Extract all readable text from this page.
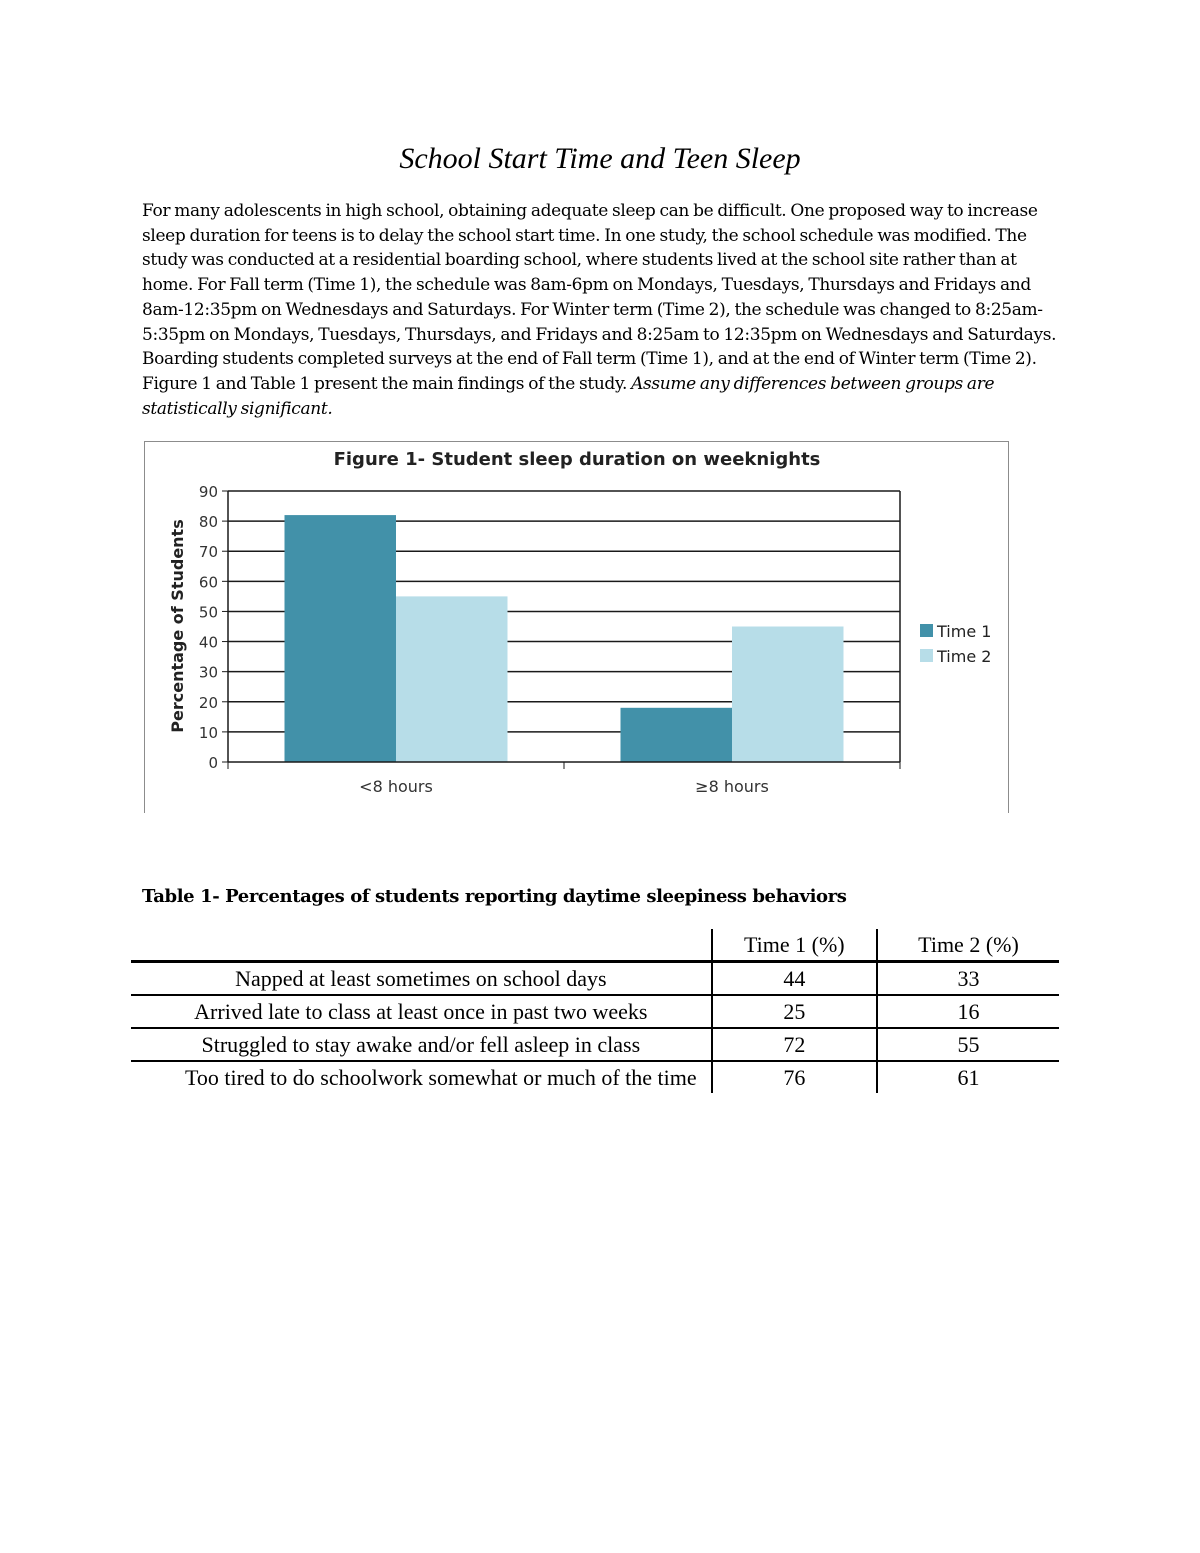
School Start Time and Teen Sleep
For many adolescents in high school, obtaining adequate sleep can be difficult. One proposed way to increase sleep duration for teens is to delay the school start time. In one study, the school schedule was modified. The study was conducted at a residential boarding school, where students lived at the school site rather than at home. For Fall term (Time 1), the schedule was 8am-6pm on Mondays, Tuesdays, Thursdays and Fridays and 8am-12:35pm on Wednesdays and Saturdays. For Winter term (Time 2), the schedule was changed to 8:25am-5:35pm on Mondays, Tuesdays, Thursdays, and Fridays and 8:25am to 12:35pm on Wednesdays and Saturdays. Boarding students completed surveys at the end of Fall term (Time 1), and at the end of Winter term (Time 2). Figure 1 and Table 1 present the main findings of the study. Assume any differences between groups are statistically significant.
Figure 1- Student sleep duration on weeknights
Percentage of Students
0
10
20
30
40
50
60
70
80
90
<8 hours	≥8 hours
Time 1
Time 2
Table 1- Percentages of students reporting daytime sleepiness behaviors
	Time 1 (%)	Time 2 (%)
Napped at least sometimes on school days	44	33
Arrived late to class at least once in past two weeks	25	16
Struggled to stay awake and/or fell asleep in class	72	55
Too tired to do schoolwork somewhat or much of the time	76	61
